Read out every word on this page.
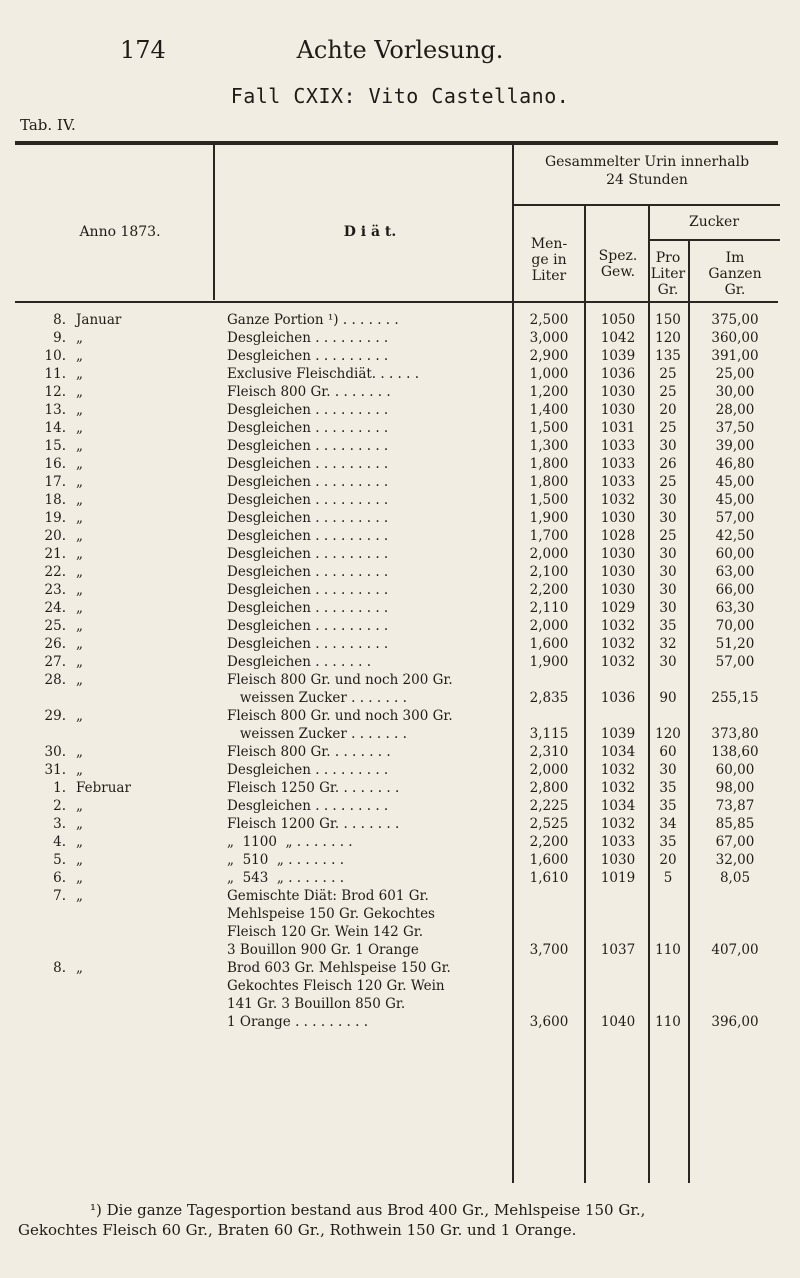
174	Achte Vorlesung.
Fall CXIX: Vito Castellano.
Tab. IV.
Anno 1873.	D i ä t.
Gesammelter Urin innerhalb
24 Stunden
Men-
ge in
Liter
Spez.
Gew.
Zucker
Pro
Liter
Gr.
Im
Ganzen
Gr.
8. Januar	Ganze Portion ¹) . . . . . . .	2,500	1050	150	375,00
9. „	Desgleichen . . . . . . . . .	3,000	1042	120	360,00
10. „	Desgleichen . . . . . . . . .	2,900	1039	135	391,00
11. „	Exclusive Fleischdiät. . . . . .	1,000	1036	25	25,00
12. „	Fleisch 800 Gr. . . . . . . .	1,200	1030	25	30,00
13. „	Desgleichen . . . . . . . . .	1,400	1030	20	28,00
14. „	Desgleichen . . . . . . . . .	1,500	1031	25	37,50
15. „	Desgleichen . . . . . . . . .	1,300	1033	30	39,00
16. „	Desgleichen . . . . . . . . .	1,800	1033	26	46,80
17. „	Desgleichen . . . . . . . . .	1,800	1033	25	45,00
18. „	Desgleichen . . . . . . . . .	1,500	1032	30	45,00
19. „	Desgleichen . . . . . . . . .	1,900	1030	30	57,00
20. „	Desgleichen . . . . . . . . .	1,700	1028	25	42,50
21. „	Desgleichen . . . . . . . . .	2,000	1030	30	60,00
22. „	Desgleichen . . . . . . . . .	2,100	1030	30	63,00
23. „	Desgleichen . . . . . . . . .	2,200	1030	30	66,00
24. „	Desgleichen . . . . . . . . .	2,110	1029	30	63,30
25. „	Desgleichen . . . . . . . . .	2,000	1032	35	70,00
26. „	Desgleichen . . . . . . . . .	1,600	1032	32	51,20
27. „	Desgleichen . . . . . . .	1,900	1032	30	57,00
28. „	Fleisch 800 Gr. und noch 200 Gr.
weissen Zucker . . . . . . .	2,835	1036	90	255,15
29. „	Fleisch 800 Gr. und noch 300 Gr.
weissen Zucker . . . . . . .	3,115	1039	120	373,80
30. „	Fleisch 800 Gr. . . . . . . .	2,310	1034	60	138,60
31. „	Desgleichen . . . . . . . . .	2,000	1032	30	60,00
1. Februar	Fleisch 1250 Gr. . . . . . . .	2,800	1032	35	98,00
2. „	Desgleichen . . . . . . . . .	2,225	1034	35	73,87
3. „	Fleisch 1200 Gr. . . . . . . .	2,525	1032	34	85,85
4. „	„  1100  „ . . . . . . .	2,200	1033	35	67,00
5. „	„  510  „ . . . . . . .	1,600	1030	20	32,00
6. „	„  543  „ . . . . . . .	1,610	1019	5	8,05
7. „	Gemischte Diät: Brod 601 Gr.
Mehlspeise 150 Gr. Gekochtes
Fleisch 120 Gr. Wein 142 Gr.
3 Bouillon 900 Gr. 1 Orange	3,700	1037	110	407,00
8. „	Brod 603 Gr. Mehlspeise 150 Gr.
Gekochtes Fleisch 120 Gr. Wein
141 Gr. 3 Bouillon 850 Gr.
1 Orange . . . . . . . . .	3,600	1040	110	396,00
¹) Die ganze Tagesportion bestand aus Brod 400 Gr., Mehlspeise 150 Gr.,
Gekochtes Fleisch 60 Gr., Braten 60 Gr., Rothwein 150 Gr. und 1 Orange.
